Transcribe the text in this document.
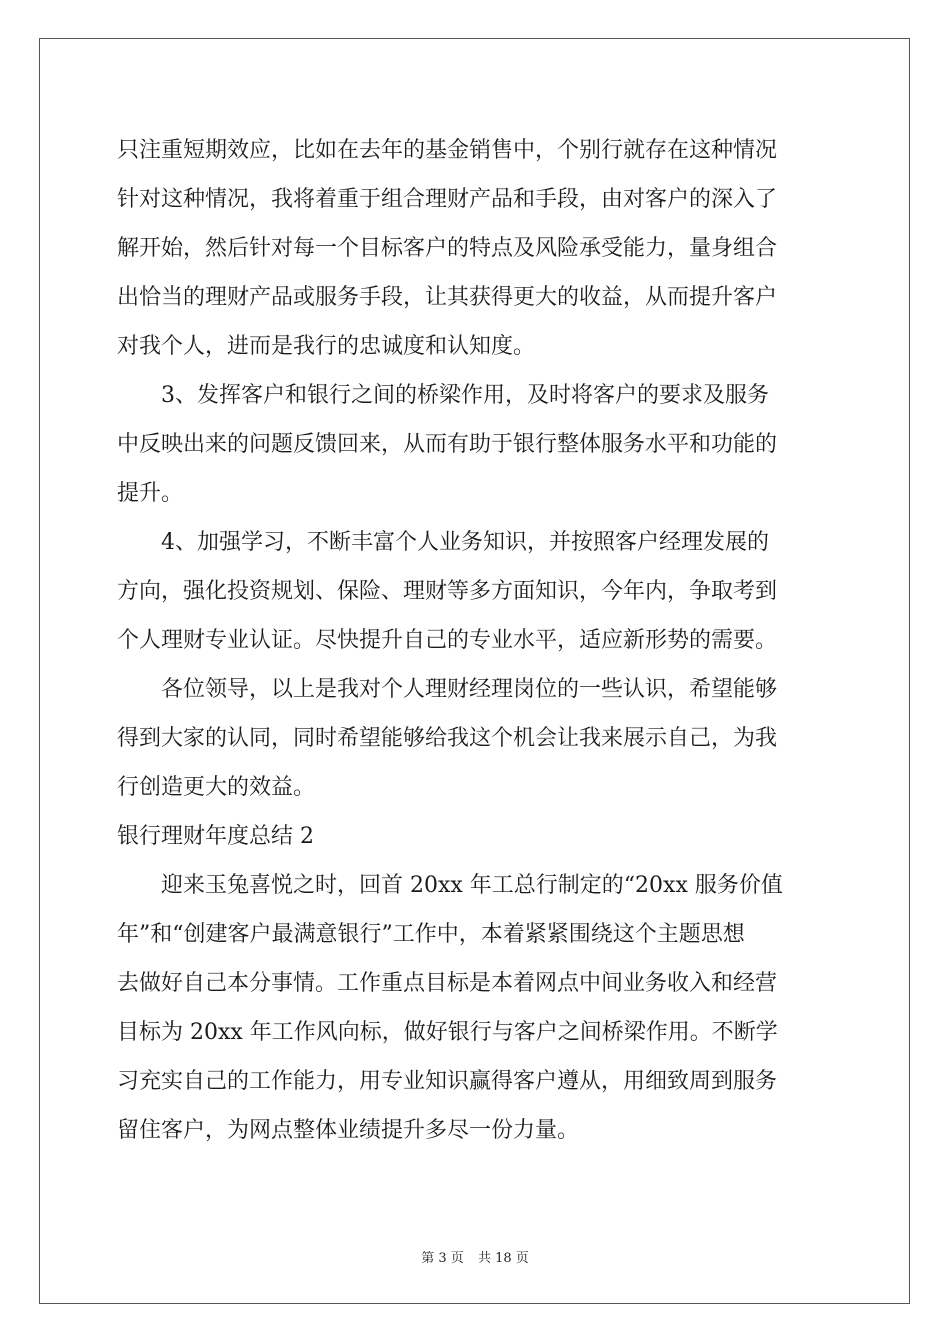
只注重短期效应，比如在去年的基金销售中，个别行就存在这种情况
针对这种情况，我将着重于组合理财产品和手段，由对客户的深入了
解开始，然后针对每一个目标客户的特点及风险承受能力，量身组合
出恰当的理财产品或服务手段，让其获得更大的收益，从而提升客户
对我个人，进而是我行的忠诚度和认知度。
　　3、发挥客户和银行之间的桥梁作用，及时将客户的要求及服务
中反映出来的问题反馈回来，从而有助于银行整体服务水平和功能的
提升。
　　4、加强学习，不断丰富个人业务知识，并按照客户经理发展的
方向，强化投资规划、保险、理财等多方面知识，今年内，争取考到
个人理财专业认证。尽快提升自己的专业水平，适应新形势的需要。
　　各位领导，以上是我对个人理财经理岗位的一些认识，希望能够
得到大家的认同，同时希望能够给我这个机会让我来展示自己，为我
行创造更大的效益。
银行理财年度总结 2
　　迎来玉兔喜悦之时，回首 20xx 年工总行制定的“20xx 服务价值
年”和“创建客户最满意银行”工作中，本着紧紧围绕这个主题思想
去做好自己本分事情。工作重点目标是本着网点中间业务收入和经营
目标为 20xx 年工作风向标，做好银行与客户之间桥梁作用。不断学
习充实自己的工作能力，用专业知识赢得客户遵从，用细致周到服务
留住客户，为网点整体业绩提升多尽一份力量。
第 3 页 共 18 页
